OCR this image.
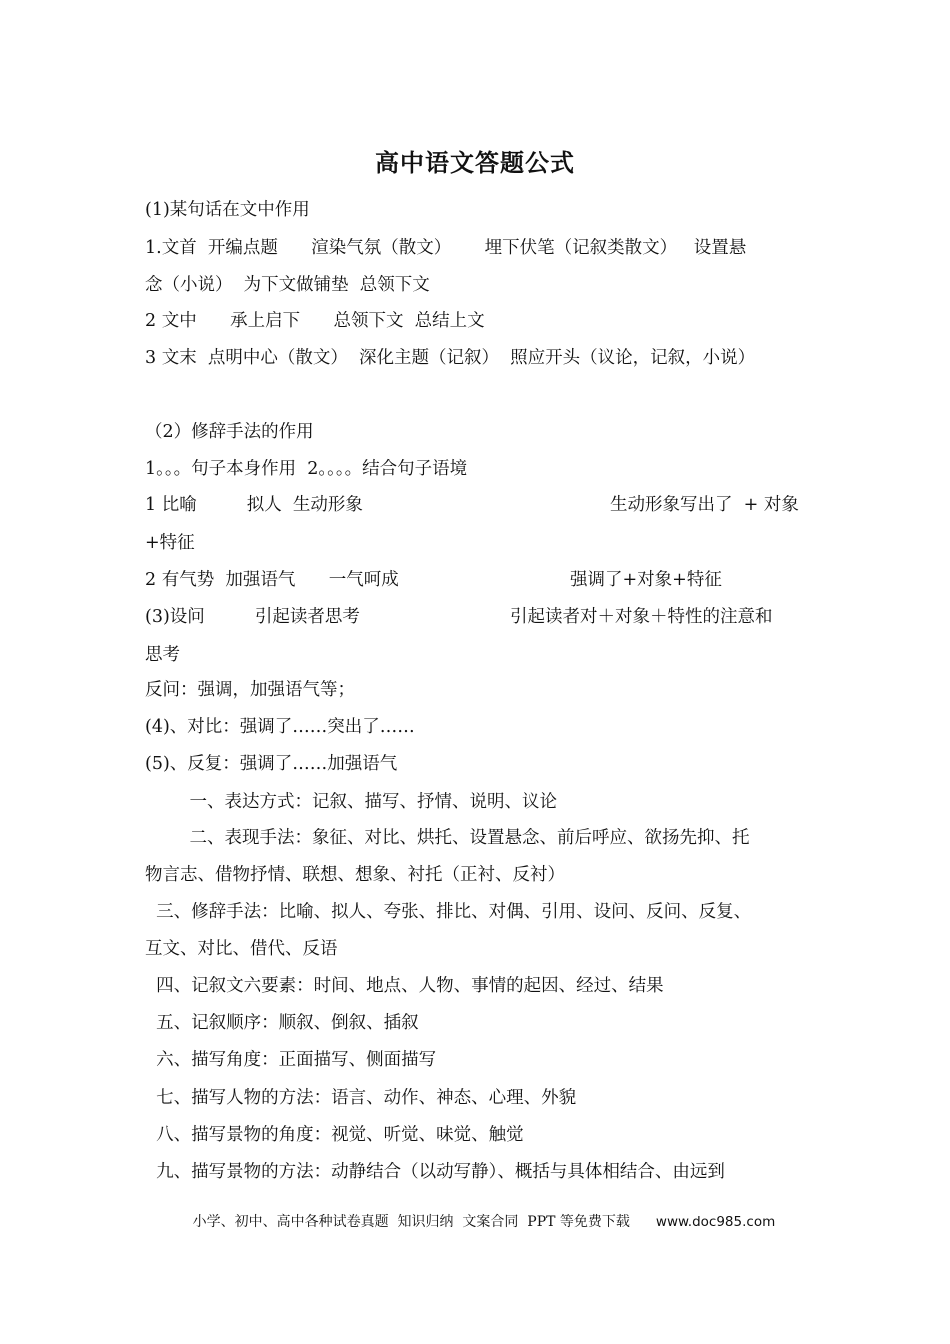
高中语文答题公式
(1)某句话在文中作用
1.文首  开编点题      渲染气氛（散文）      埋下伏笔（记叙类散文）   设置悬
念（小说）  为下文做铺垫  总领下文
2 文中      承上启下      总领下文  总结上文
3 文末  点明中心（散文）  深化主题（记叙）  照应开头（议论，记叙，小说）
（2）修辞手法的作用
1。。。句子本身作用  2。。。。结合句子语境
1 比喻         拟人  生动形象	生动形象写出了  + 对象
+特征
2 有气势  加强语气      一气呵成	强调了+对象+特征
(3)设问         引起读者思考	引起读者对＋对象＋特性的注意和
思考
反问：强调，加强语气等；
(4)、对比：强调了……突出了……
(5)、反复：强调了……加强语气
一、表达方式：记叙、描写、抒情、说明、议论
二、表现手法：象征、对比、烘托、设置悬念、前后呼应、欲扬先抑、托
物言志、借物抒情、联想、想象、衬托（正衬、反衬）
三、修辞手法：比喻、拟人、夸张、排比、对偶、引用、设问、反问、反复、
互文、对比、借代、反语
四、记叙文六要素：时间、地点、人物、事情的起因、经过、结果
五、记叙顺序：顺叙、倒叙、插叙
六、描写角度：正面描写、侧面描写
七、描写人物的方法：语言、动作、神态、心理、外貌
八、描写景物的角度：视觉、听觉、味觉、触觉
九、描写景物的方法：动静结合（以动写静）、概括与具体相结合、由远到

小学、初中、高中各种试卷真题  知识归纳  文案合同  PPT 等免费下载 www.doc985.com
